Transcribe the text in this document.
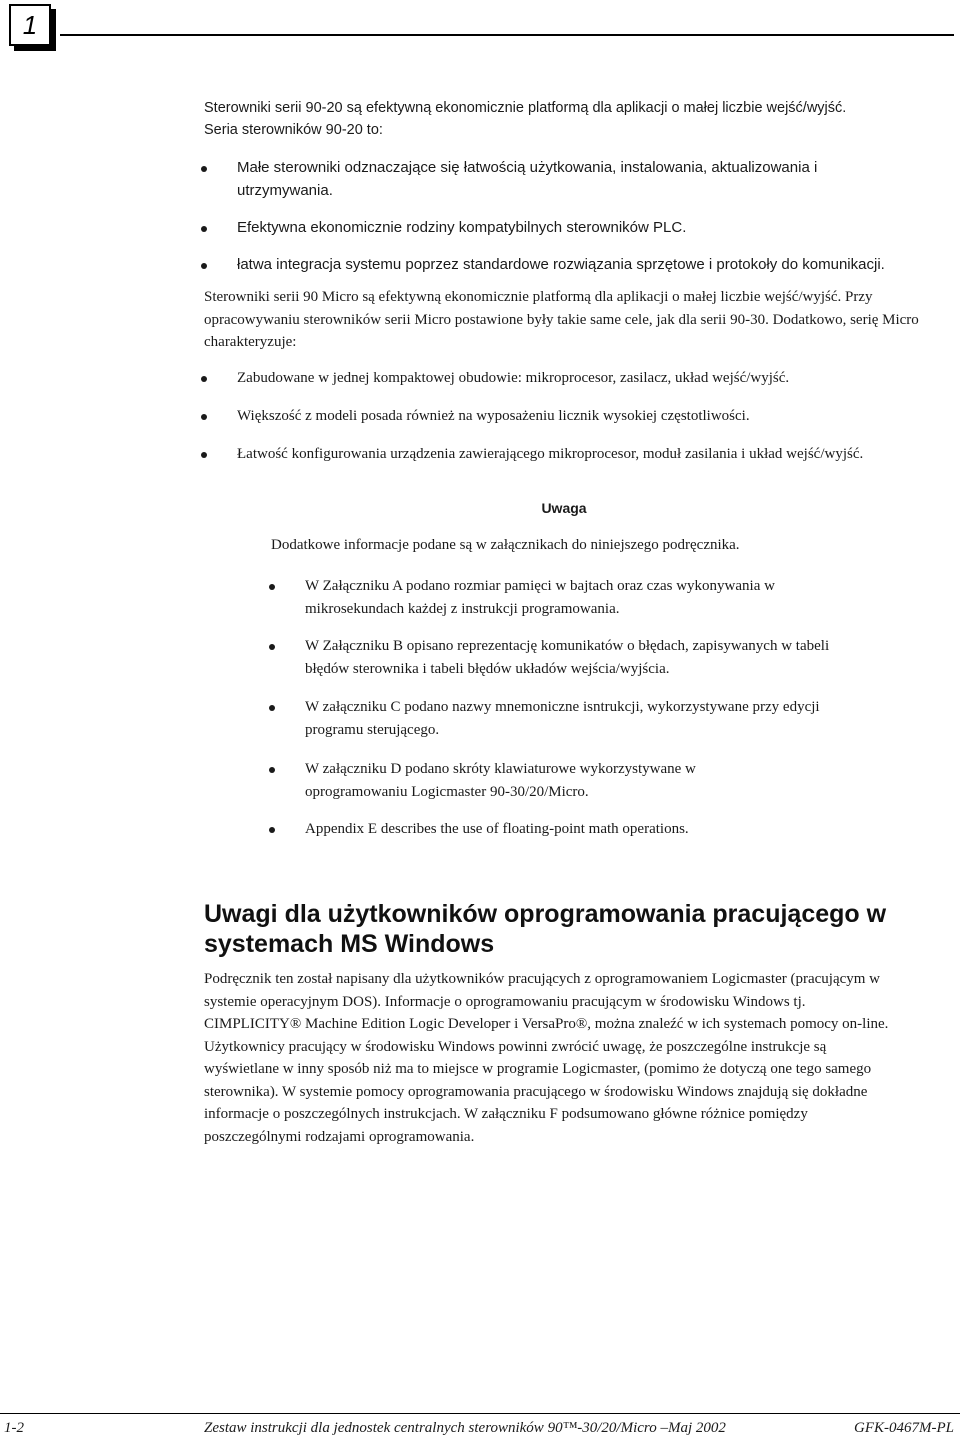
1

Sterowniki serii 90-20 są efektywną ekonomicznie platformą dla aplikacji o małej liczbie wejść/wyjść.

Seria sterowników 90-20 to:

Małe sterowniki odznaczające się łatwością użytkowania, instalowania, aktualizowania i utrzymywania.
Efektywna ekonomicznie rodziny kompatybilnych sterowników PLC.
łatwa integracja systemu poprzez standardowe rozwiązania sprzętowe i protokoły do komunikacji.

Sterowniki serii 90 Micro są efektywną ekonomicznie platformą dla aplikacji o małej liczbie wejść/wyjść. Przy opracowywaniu sterowników serii Micro postawione były takie same cele, jak dla serii 90-30. Dodatkowo, serię Micro charakteryzuje:

Zabudowane w jednej kompaktowej obudowie: mikroprocesor, zasilacz, układ wejść/wyjść.
Większość z modeli posada również na wyposażeniu licznik wysokiej częstotliwości.
Łatwość konfigurowania urządzenia zawierającego mikroprocesor, moduł zasilania i układ wejść/wyjść.
Uwaga

Dodatkowe informacje podane są w załącznikach do niniejszego podręcznika.

W Załączniku A podano rozmiar pamięci w bajtach oraz czas wykonywania w mikrosekundach każdej z instrukcji programowania.
W Załączniku B opisano reprezentację komunikatów o błędach, zapisywanych w tabeli błędów sterownika i tabeli błędów układów wejścia/wyjścia.
W załączniku C podano nazwy mnemoniczne isntrukcji, wykorzystywane przy edycji programu sterującego.
W załączniku D podano skróty klawiaturowe wykorzystywane w oprogramowaniu Logicmaster 90-30/20/Micro.
Appendix E describes the use of floating-point math operations.
Uwagi dla użytkowników oprogramowania pracującego w systemach MS Windows

Podręcznik ten został napisany dla użytkowników pracujących z oprogramowaniem Logicmaster (pracującym w systemie operacyjnym DOS). Informacje o oprogramowaniu pracującym w środowisku Windows tj. CIMPLICITY® Machine Edition Logic Developer i VersaPro®, można znaleźć w ich systemach pomocy on-line. Użytkownicy pracujący w środowisku Windows powinni zwrócić uwagę, że poszczególne instrukcje są wyświetlane w inny sposób niż ma to miejsce w programie Logicmaster, (pomimo że dotyczą one tego samego sterownika). W systemie pomocy oprogramowania pracującego w środowisku Windows znajdują się dokładne informacje o poszczególnych instrukcjach. W załączniku F podsumowano główne różnice pomiędzy poszczególnymi rodzajami oprogramowania.

1-2	Zestaw instrukcji dla jednostek centralnych sterowników 90™-30/20/Micro –Maj 2002	GFK-0467M-PL
